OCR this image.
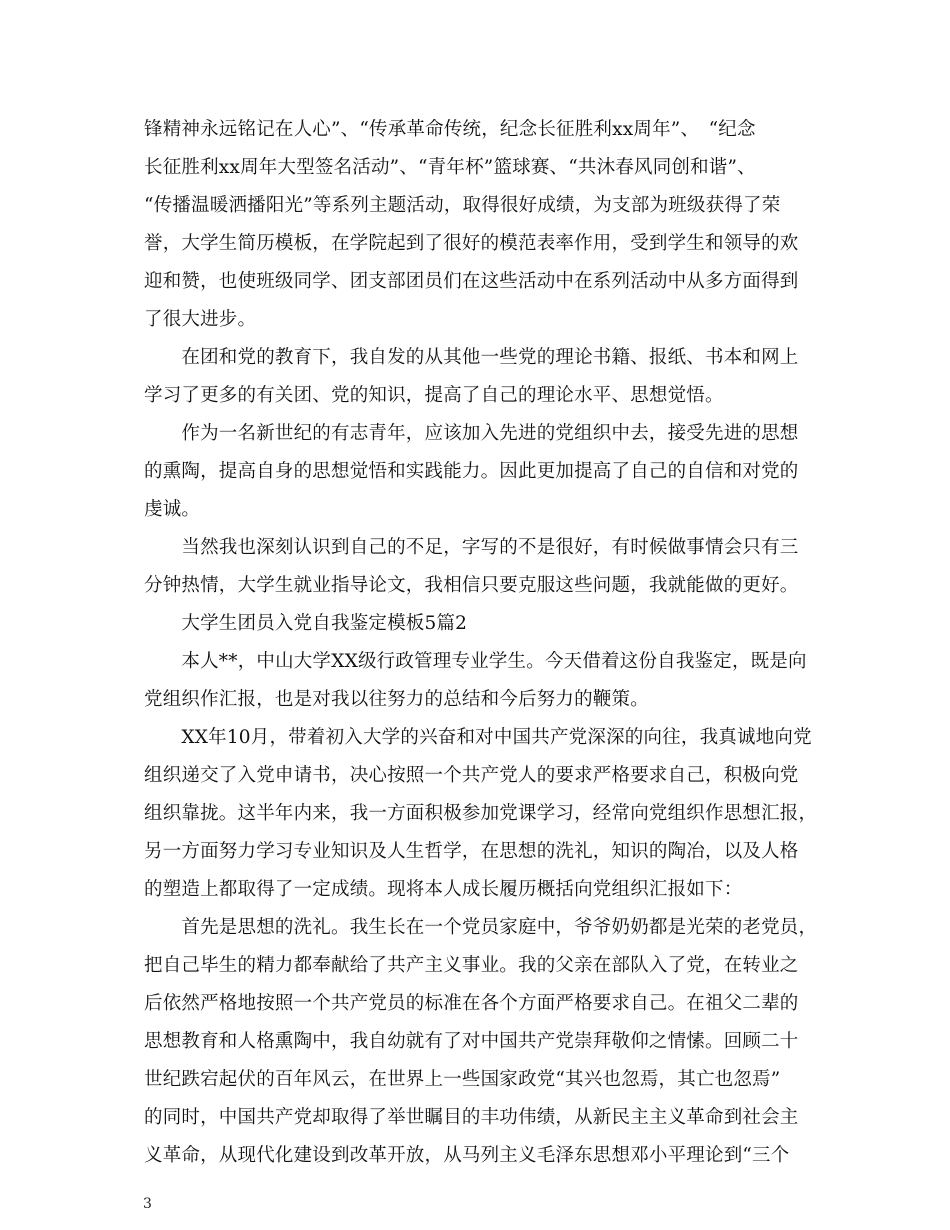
锋精神永远铭记在人心”、“传承革命传统，纪念长征胜利xx周年”、　“纪念
长征胜利xx周年大型签名活动”、“青年杯”篮球赛、“共沐春风同创和谐”、
“传播温暖洒播阳光”等系列主题活动，取得很好成绩，为支部为班级获得了荣
誉，大学生简历模板，在学院起到了很好的模范表率作用，受到学生和领导的欢
迎和赞，也使班级同学、团支部团员们在这些活动中在系列活动中从多方面得到
了很大进步。
　　在团和党的教育下，我自发的从其他一些党的理论书籍、报纸、书本和网上
学习了更多的有关团、党的知识，提高了自己的理论水平、思想觉悟。
　　作为一名新世纪的有志青年，应该加入先进的党组织中去，接受先进的思想
的熏陶，提高自身的思想觉悟和实践能力。因此更加提高了自己的自信和对党的
虔诚。
　　当然我也深刻认识到自己的不足，字写的不是很好，有时候做事情会只有三
分钟热情，大学生就业指导论文，我相信只要克服这些问题，我就能做的更好。
　　大学生团员入党自我鉴定模板5篇2
　　本人**，中山大学XX级行政管理专业学生。今天借着这份自我鉴定，既是向
党组织作汇报，也是对我以往努力的总结和今后努力的鞭策。
　　XX年10月，带着初入大学的兴奋和对中国共产党深深的向往，我真诚地向党
组织递交了入党申请书，决心按照一个共产党人的要求严格要求自己，积极向党
组织靠拢。这半年内来，我一方面积极参加党课学习，经常向党组织作思想汇报，
另一方面努力学习专业知识及人生哲学，在思想的洗礼，知识的陶冶，以及人格
的塑造上都取得了一定成绩。现将本人成长履历概括向党组织汇报如下：
　　首先是思想的洗礼。我生长在一个党员家庭中，爷爷奶奶都是光荣的老党员，
把自己毕生的精力都奉献给了共产主义事业。我的父亲在部队入了党，在转业之
后依然严格地按照一个共产党员的标准在各个方面严格要求自己。在祖父二辈的
思想教育和人格熏陶中，我自幼就有了对中国共产党崇拜敬仰之情愫。回顾二十
世纪跌宕起伏的百年风云，在世界上一些国家政党“其兴也忽焉，其亡也忽焉”
的同时，中国共产党却取得了举世瞩目的丰功伟绩，从新民主主义革命到社会主
义革命，从现代化建设到改革开放，从马列主义毛泽东思想邓小平理论到“三个
3
